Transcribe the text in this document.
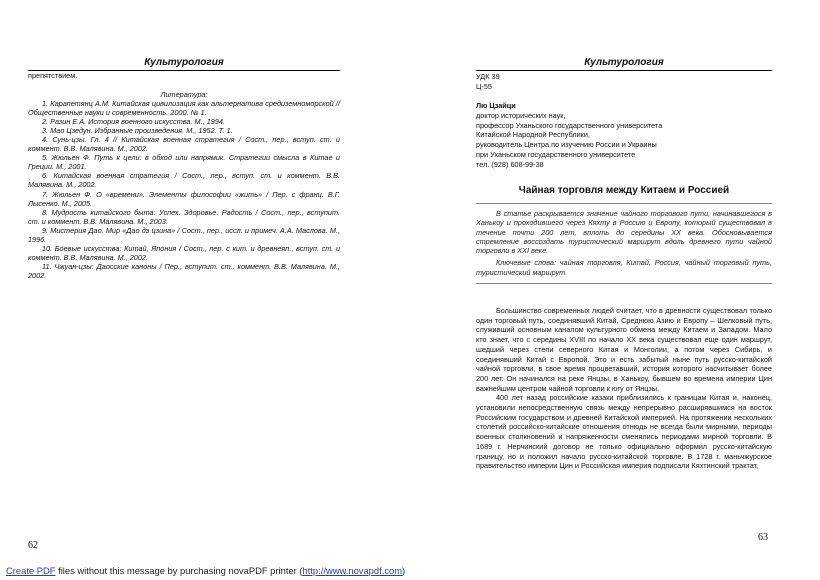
Культурология
препятствием.
Литература:

1. Карапетянц А.М. Китайская цивилизация как альтернатива средиземноморской // Общественные науки и современность. 2000. № 1.

2. Разин Е.А. История военного искусства. М., 1994.

3. Мао Цзедун. Избранные произведения. М., 1952. Т. 1.

4. Сунь-цзы. Гл. 4 // Китайская военная стратегия / Сост., пер., вступ. ст. и коммент. В.В. Малявина. М., 2002.

5. Жюльен Ф. Путь к цели: в обход или напрямик. Стратегии смысла в Китае и Греции. М., 2001.

6. Китайская военная стратегия / Сост., пер., вступ. ст. и коммент. В.В. Малявина. М., 2002.

7. Жюльен Ф. О «времени». Элементы философии «жить» / Пер. с франц. В.Г. Лысенко. М., 2005.

8. Мудрость китайского быта: Успех. Здоровье. Радость / Сост., пер., вступит. ст. и коммент. В.В. Малявина. М., 2003.

9. Мистерия Дао. Мир «Дао дэ цзина» / Сост., пер., иссл. и примеч. А.А. Маслова. М., 1996.

10. Боевые искусства: Китай, Япония / Сост., пер. с кит. и древнеяп., вступ. ст. и коммент. В.В. Малявина. М., 2002.

11. Чжуан-цзы: Даосские каноны / Пер., вступит. ст., коммент. В.В. Малявина. М., 2002.

62
Культурология
УДК 39
Ц-55
Лю Цзайци
доктор исторических наук,
профессор Уханьского государственного университета
Китайской Народной Республики,
руководитель Центра по изучению России и Украины
при Уханьском государственного университете
тел. (928) 608-99-38
Чайная торговля между Китаем и Россией

В статье раскрывается значение чайного торгового пути, начинавшегося в Ханькоу и проходившего через Кяхту в Россию и Европу, который существовал в течение почти 200 лет, вплоть до середины XX века. Обосновывается стремление воссоздать туристический маршрут вдоль древнего пути чайной торговли в XXI веке.

Ключевые слова: чайная торговля, Китай, Россия, чайный торговый путь, туристический маршрут.

Большинство современных людей считает, что в древности существовал только один торговый путь, соединявший Китай, Среднюю Азию и Европу – Шелковый путь, служивший основным каналом культурного обмена между Китаем и Западом. Мало кто знает, что с середины XVIII по начало XX века существовал еще один маршрут, шедший через степи северного Китая и Монголии, а потом через Сибирь, и соединявший Китай с Европой. Это и есть забытый ныне путь русско-китайской чайной торговли, в свое время процветавший, история которого насчитывает более 200 лет. Он начинался на реке Янцзы, в Ханькоу, бывшем во времена империи Цин важнейшим центром чайной торговли к югу от Янцзы.

400 лет назад российские казаки приблизились к границам Китая и, наконец, установили непосредственную связь между непрерывно расширявшимся на восток Российским государством и древней Китайской империей. На протяжении нескольких столетий российско-китайские отношения отнюдь не всегда были мирными, периоды военных столкновений и напряженности сменялись периодами мирной торговли. В 1689 г. Нерчинский договор не только официально оформил русско-китайскую границу, но и положил начало русско-китайской торговле. В 1728 г. маньчжурское правительство империи Цин и Российская империя подписали Кяхтинский трактат,

63
Create PDF files without this message by purchasing novaPDF printer (http://www.novapdf.com)
